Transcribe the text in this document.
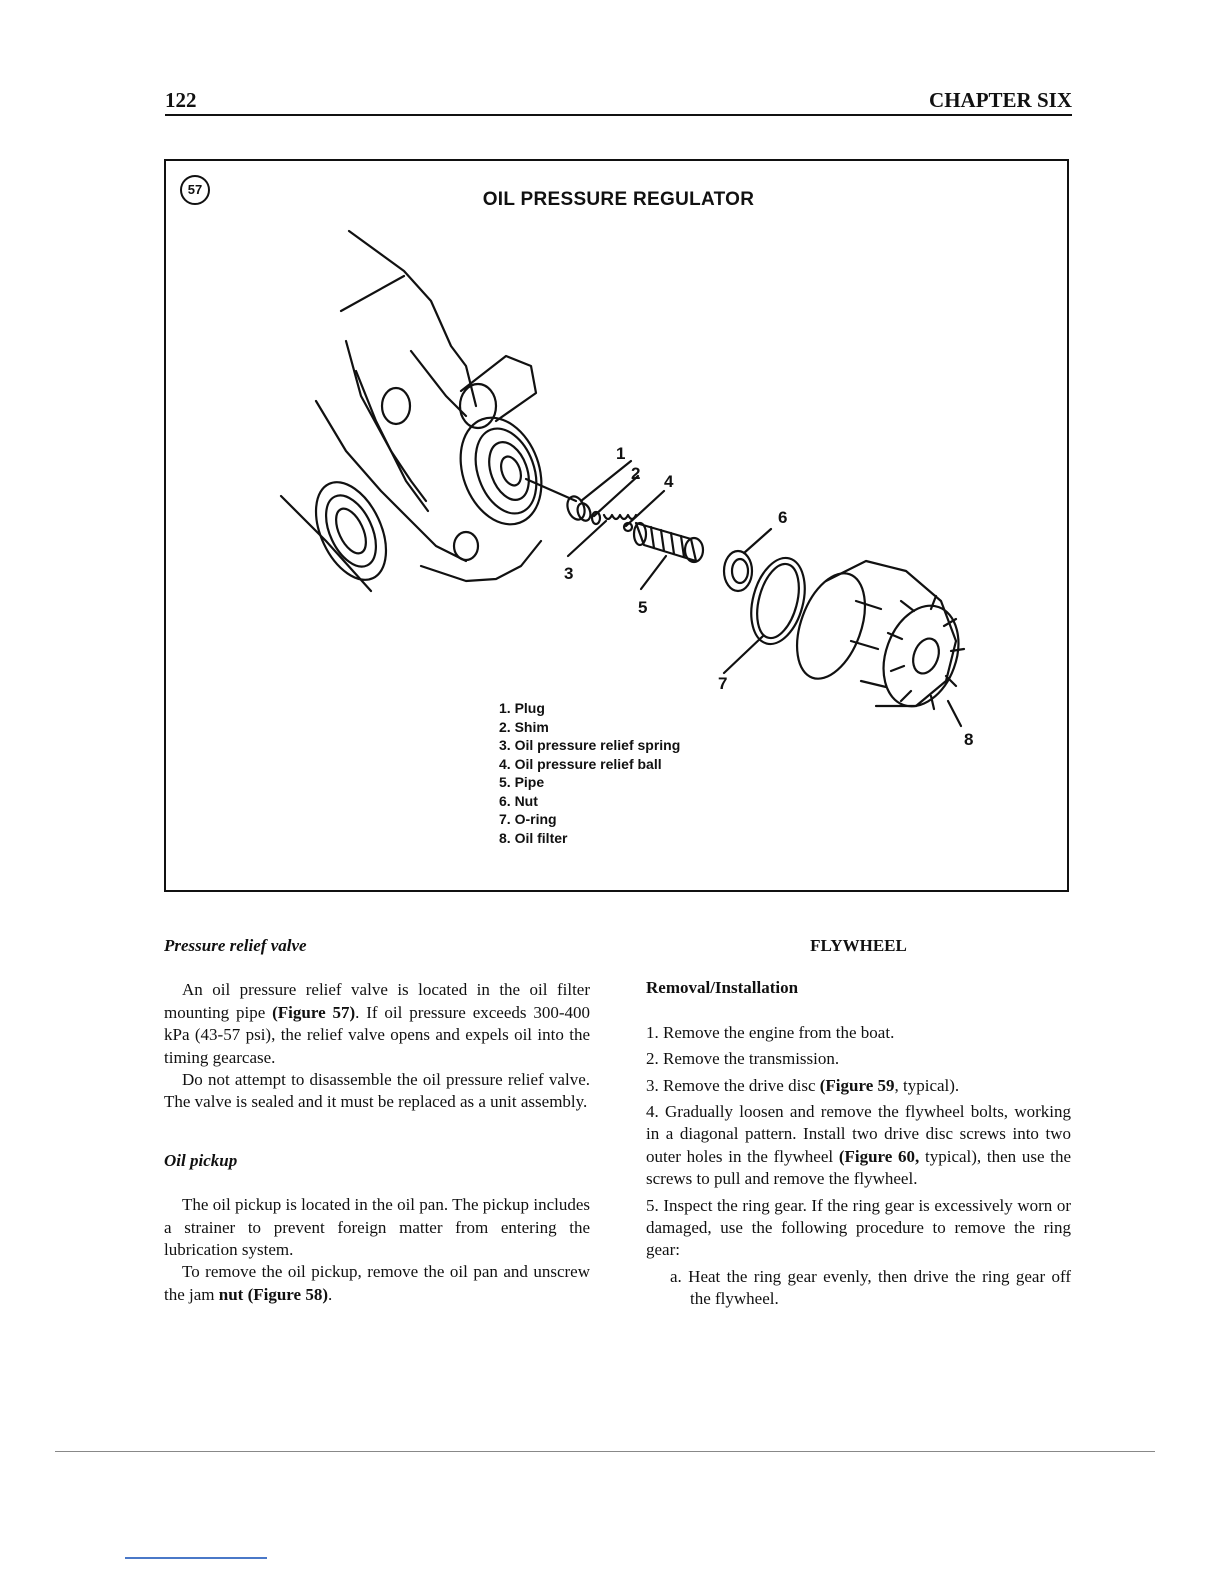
122	CHAPTER SIX
57	OIL PRESSURE REGULATOR
1
2
3
4
5
6
7
8
1. Plug
2. Shim
3. Oil pressure relief spring
4. Oil pressure relief ball
5. Pipe
6. Nut
7. O-ring
8. Oil filter

Pressure relief valve

An oil pressure relief valve is located in the oil filter mounting pipe (Figure 57). If oil pressure exceeds 300-400 kPa (43-57 psi), the relief valve opens and expels oil into the timing gearcase.

Do not attempt to disassemble the oil pressure relief valve. The valve is sealed and it must be replaced as a unit assembly.

Oil pickup

The oil pickup is located in the oil pan. The pickup includes a strainer to prevent foreign matter from entering the lubrication system.

To remove the oil pickup, remove the oil pan and unscrew the jam nut (Figure 58).

FLYWHEEL

Removal/Installation

1. Remove the engine from the boat.

2. Remove the transmission.

3. Remove the drive disc (Figure 59, typical).

4. Gradually loosen and remove the flywheel bolts, working in a diagonal pattern. Install two drive disc screws into two outer holes in the flywheel (Figure 60, typical), then use the screws to pull and remove the flywheel.

5. Inspect the ring gear. If the ring gear is excessively worn or damaged, use the following procedure to remove the ring gear:

a. Heat the ring gear evenly, then drive the ring gear off the flywheel.
